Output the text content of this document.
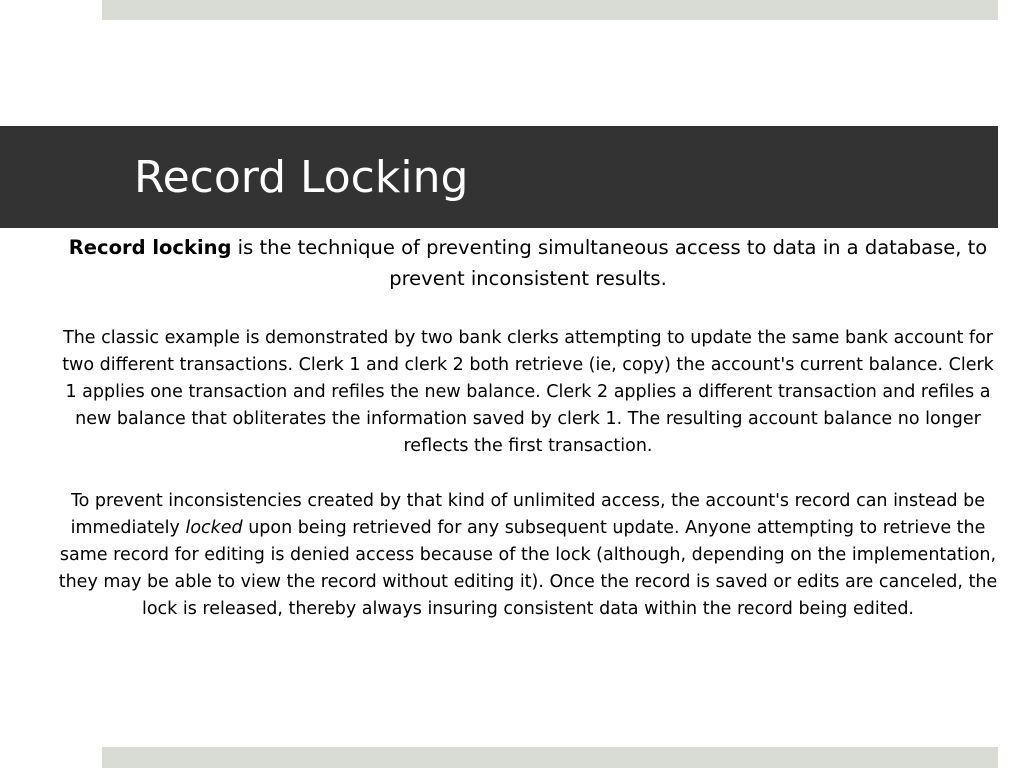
Record Locking

Record locking is the technique of preventing simultaneous access to data in a database, to prevent inconsistent results.

The classic example is demonstrated by two bank clerks attempting to update the same bank account for two different transactions. Clerk 1 and clerk 2 both retrieve (ie, copy) the account's current balance. Clerk 1 applies one transaction and refiles the new balance. Clerk 2 applies a different transaction and refiles a new balance that obliterates the information saved by clerk 1. The resulting account balance no longer reflects the first transaction.

To prevent inconsistencies created by that kind of unlimited access, the account's record can instead be immediately locked upon being retrieved for any subsequent update. Anyone attempting to retrieve the same record for editing is denied access because of the lock (although, depending on the implementation, they may be able to view the record without editing it). Once the record is saved or edits are canceled, the lock is released, thereby always insuring consistent data within the record being edited.
